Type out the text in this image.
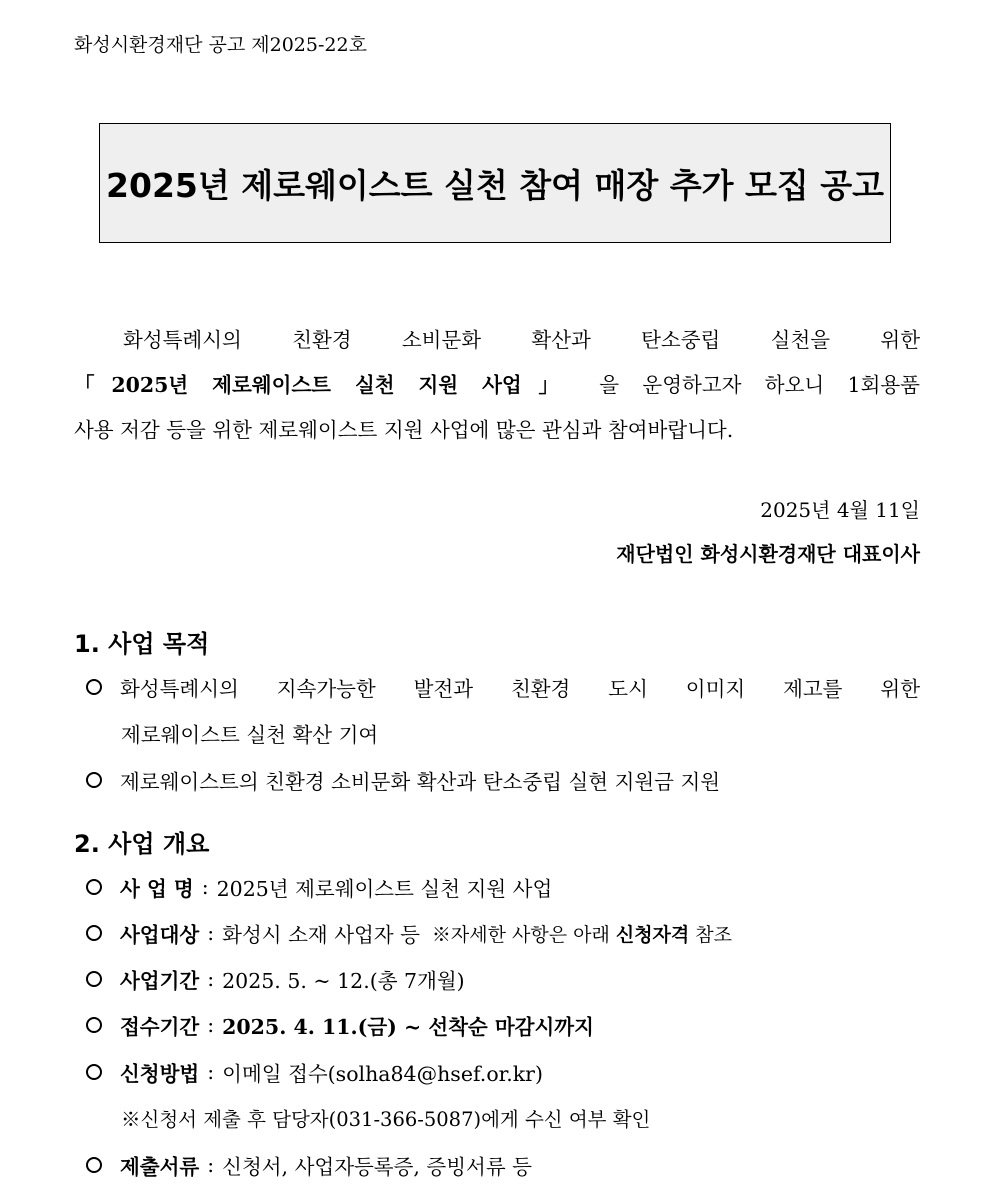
화성시환경재단 공고 제2025-22호
2025년 제로웨이스트 실천 참여 매장 추가 모집 공고
화성특례시의 친환경 소비문화 확산과 탄소중립 실천을 위한
「2025년 제로웨이스트 실천 지원 사업」 을 운영하고자 하오니 1회용품
사용 저감 등을 위한 제로웨이스트 지원 사업에 많은 관심과 참여바랍니다.
2025년 4월 11일
재단법인 화성시환경재단 대표이사
1. 사업 목적
화성특례시의 지속가능한 발전과 친환경 도시 이미지 제고를 위한
제로웨이스트 실천 확산 기여
제로웨이스트의 친환경 소비문화 확산과 탄소중립 실현 지원금 지원
2. 사업 개요
사 업 명 : 2025년 제로웨이스트 실천 지원 사업
사업대상 : 화성시 소재 사업자 등 ※자세한 사항은 아래 신청자격 참조
사업기간 : 2025. 5. ~ 12.(총 7개월)
접수기간 : 2025. 4. 11.(금) ~ 선착순 마감시까지
신청방법 : 이메일 접수(solha84@hsef.or.kr)
※신청서 제출 후 담당자(031-366-5087)에게 수신 여부 확인
제출서류 : 신청서, 사업자등록증, 증빙서류 등
